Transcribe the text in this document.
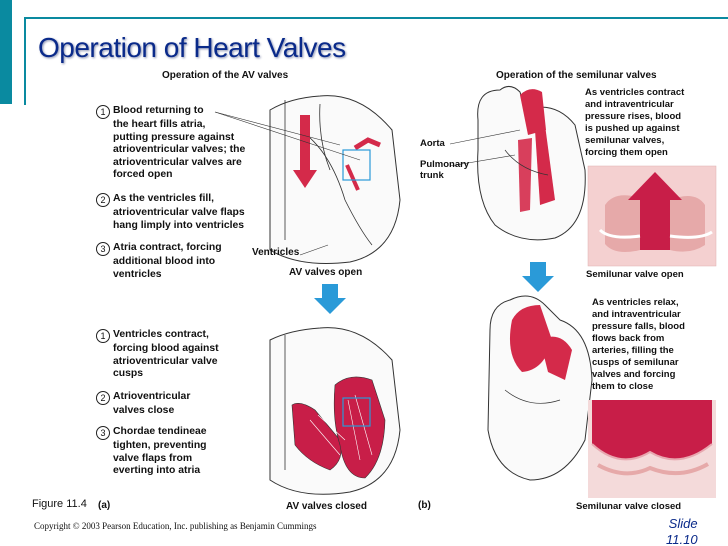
Operation of Heart Valves
Operation of the AV valves
1 Blood returning to
the heart fills atria,
putting pressure against
atrioventricular valves; the
atrioventricular valves are
forced open
2 As the ventricles fill,
atrioventricular valve flaps
hang limply into ventricles
3 Atria contract, forcing
additional blood into
ventricles
Ventricles
AV valves open
1 Ventricles contract,
forcing blood against
atrioventricular valve
cusps
2 Atrioventricular
valves close
3 Chordae tendineae
tighten, preventing
valve flaps from
everting into atria
AV valves closed
(a)
Figure 11.4
Operation of the semilunar valves
Aorta
Pulmonary
trunk
As ventricles contract
and intraventricular
pressure rises, blood
is pushed up against
semilunar valves,
forcing them open
Semilunar valve open
As ventricles relax,
and intraventricular
pressure falls, blood
flows back from
arteries, filling the
cusps of semilunar
valves and forcing
them to close
Semilunar valve closed
(b)
Copyright © 2003 Pearson Education, Inc. publishing as Benjamin Cummings	Slide
11.10
